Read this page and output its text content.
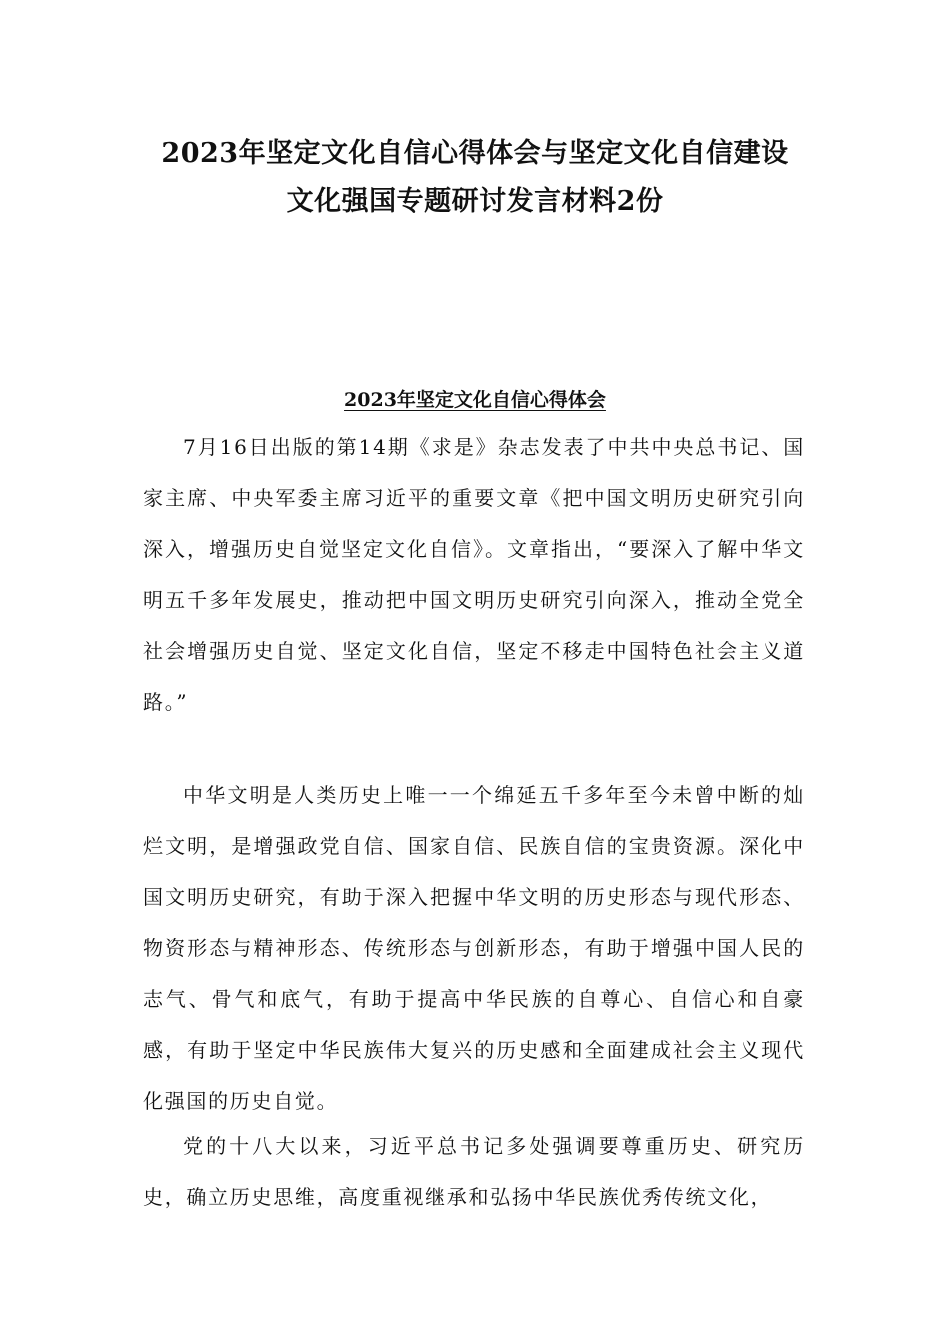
2023年坚定文化自信心得体会与坚定文化自信建设
文化强国专题研讨发言材料2份
2023年坚定文化自信心得体会

7月16日出版的第14期《求是》杂志发表了中共中央总书记、国家主席、中央军委主席习近平的重要文章《把中国文明历史研究引向深入，增强历史自觉坚定文化自信》。文章指出，“要深入了解中华文明五千多年发展史，推动把中国文明历史研究引向深入，推动全党全社会增强历史自觉、坚定文化自信，坚定不移走中国特色社会主义道路。”

中华文明是人类历史上唯一一个绵延五千多年至今未曾中断的灿烂文明，是增强政党自信、国家自信、民族自信的宝贵资源。深化中国文明历史研究，有助于深入把握中华文明的历史形态与现代形态、物资形态与精神形态、传统形态与创新形态，有助于增强中国人民的志气、骨气和底气，有助于提高中华民族的自尊心、自信心和自豪感，有助于坚定中华民族伟大复兴的历史感和全面建成社会主义现代化强国的历史自觉。

党的十八大以来，习近平总书记多处强调要尊重历史、研究历史，确立历史思维，高度重视继承和弘扬中华民族优秀传统文化，
